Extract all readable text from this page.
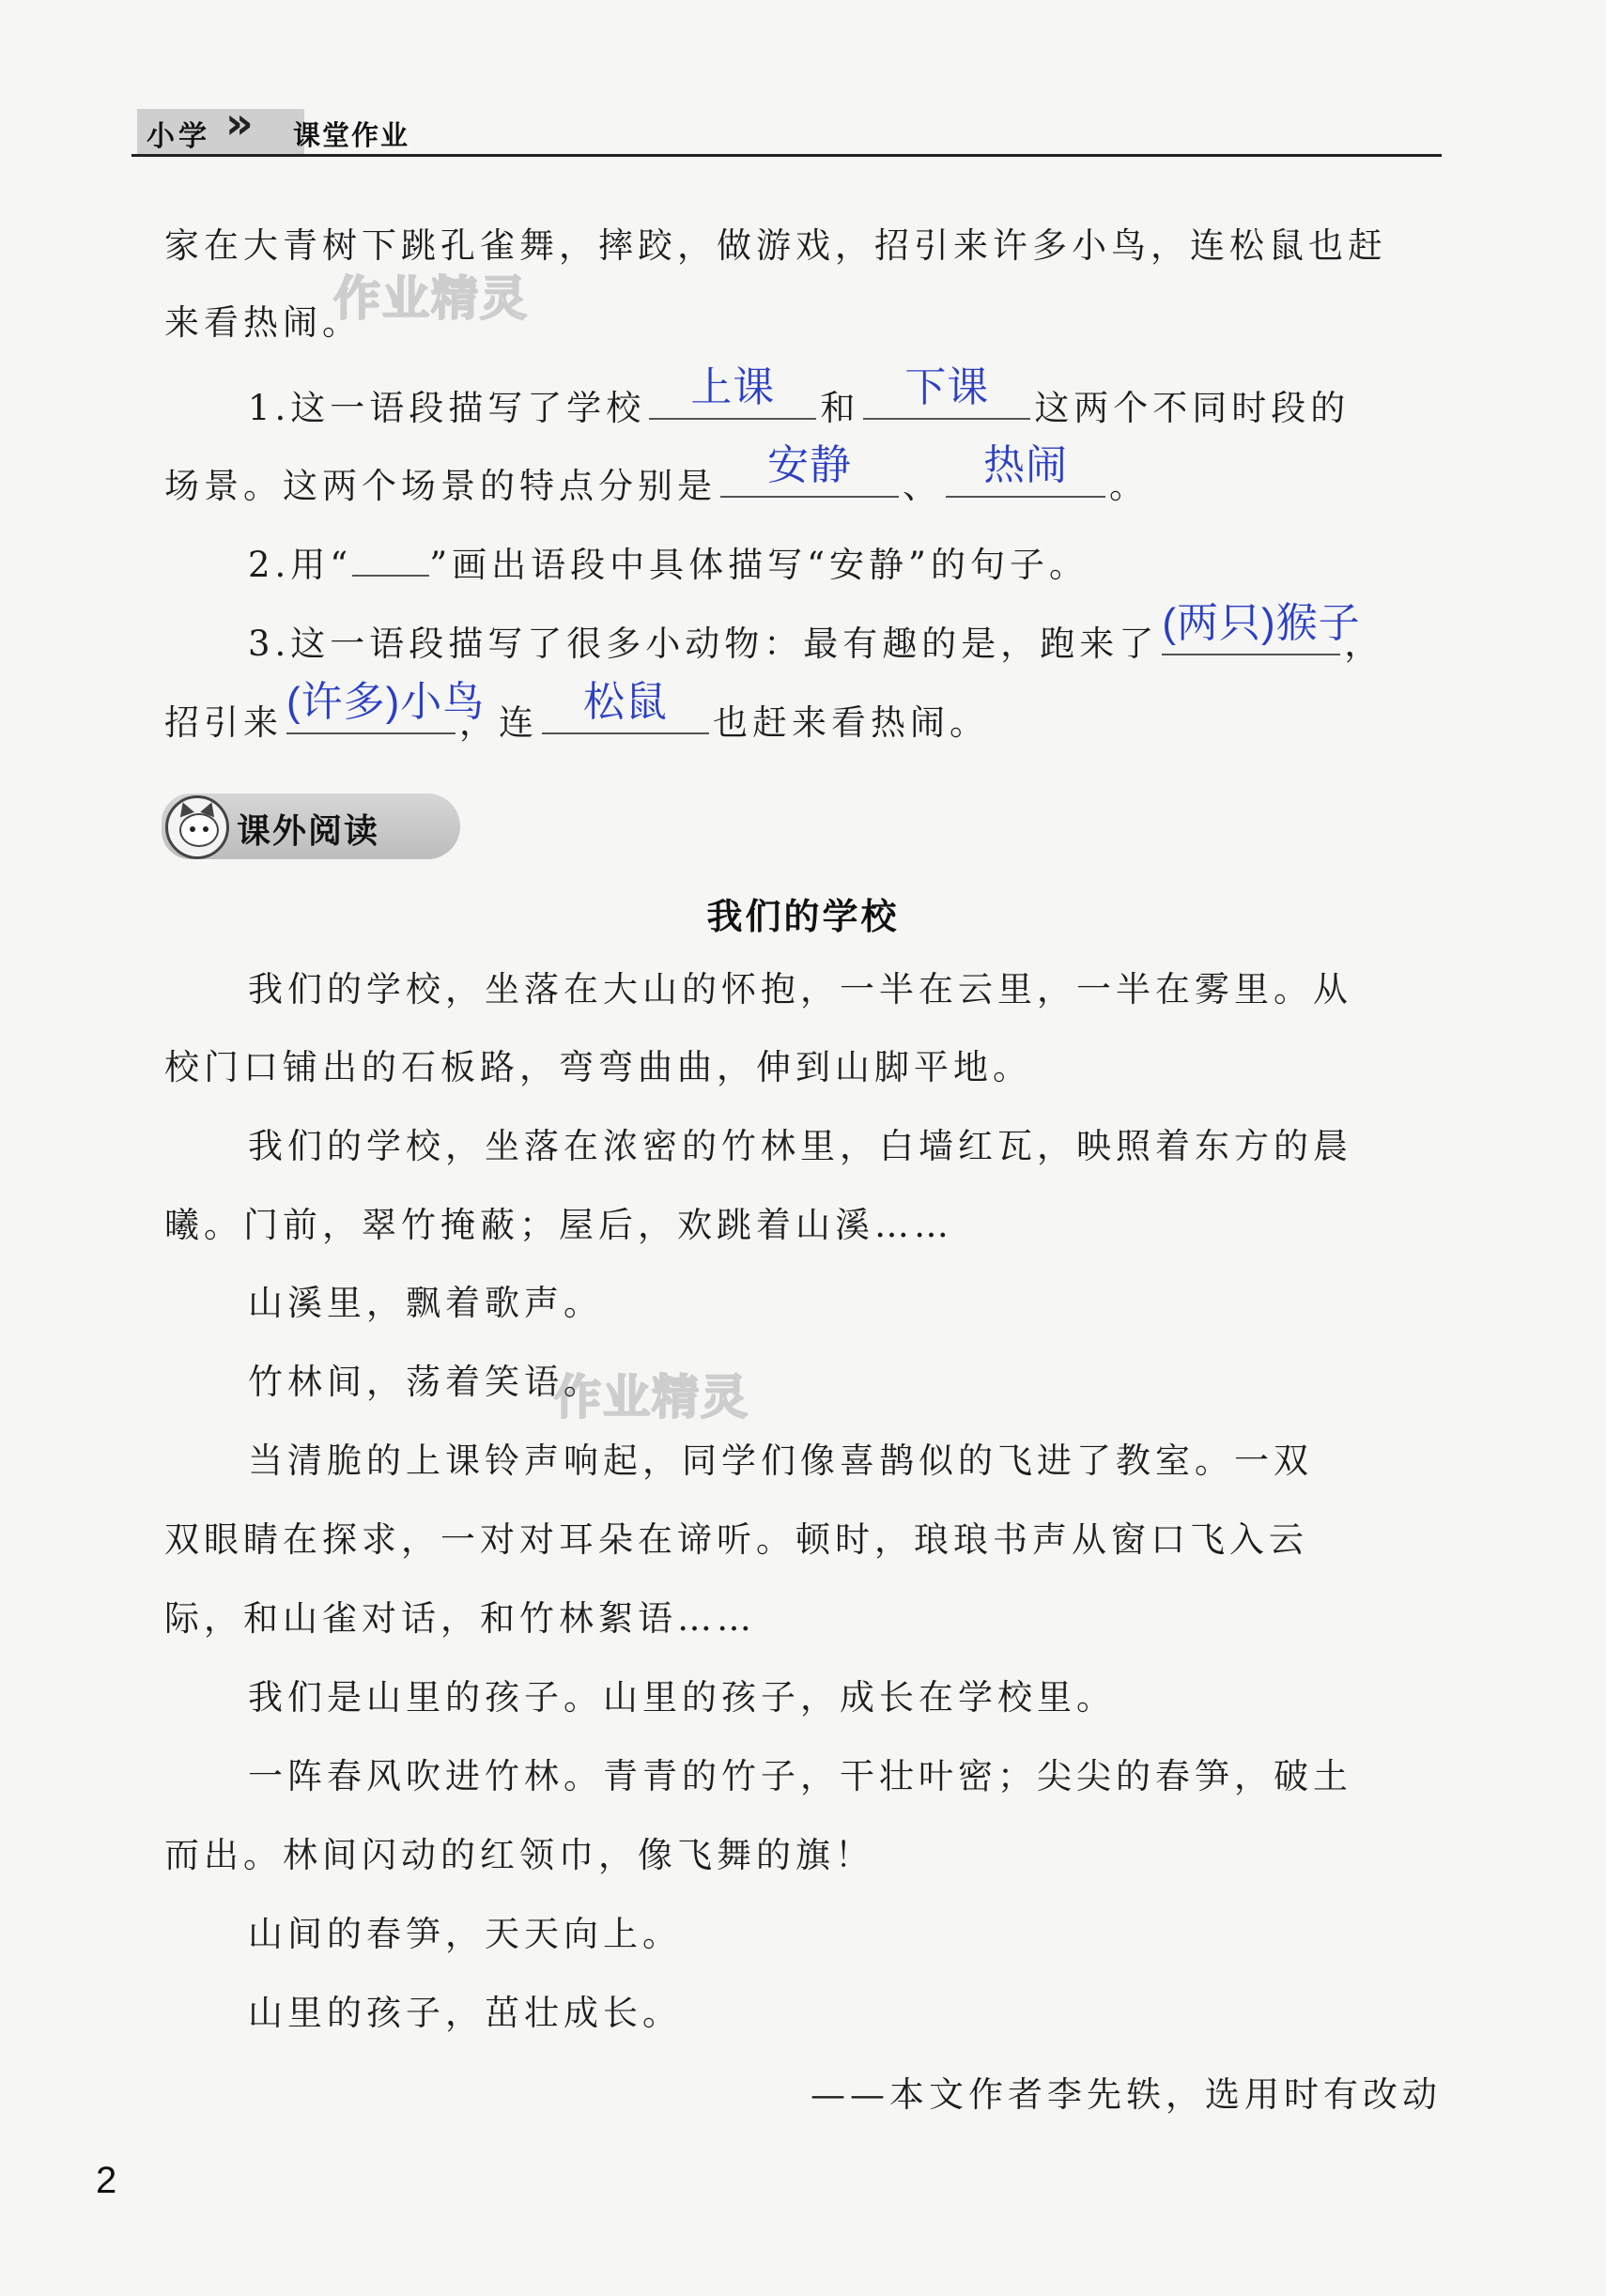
小学 » 课堂作业
作业精灵
作业精灵
家在大青树下跳孔雀舞，摔跤，做游戏，招引来许多小鸟，连松鼠也赶
来看热闹。
1.这一语段描写了学校	上课	和	下课	这两个不同时段的
场景。这两个场景的特点分别是	安静	、	热闹	。
2.用“ ”画出语段中具体描写“安静”的句子。
3.这一语段描写了很多小动物：最有趣的是，跑来了 (两只)猴子
，
招引来 (许多)小鸟
，连	松鼠	也赶来看热闹。
课外阅读
我们的学校
我们的学校，坐落在大山的怀抱，一半在云里，一半在雾里。从
校门口铺出的石板路，弯弯曲曲，伸到山脚平地。
我们的学校，坐落在浓密的竹林里，白墙红瓦，映照着东方的晨
曦。门前，翠竹掩蔽；屋后，欢跳着山溪……
山溪里，飘着歌声。
竹林间，荡着笑语。
当清脆的上课铃声响起，同学们像喜鹊似的飞进了教室。一双
双眼睛在探求，一对对耳朵在谛听。顿时，琅琅书声从窗口飞入云
际，和山雀对话，和竹林絮语……
我们是山里的孩子。山里的孩子，成长在学校里。
一阵春风吹进竹林。青青的竹子，干壮叶密；尖尖的春笋，破土
而出。林间闪动的红领巾，像飞舞的旗！
山间的春笋，天天向上。
山里的孩子，茁壮成长。
——本文作者李先轶，选用时有改动
2
